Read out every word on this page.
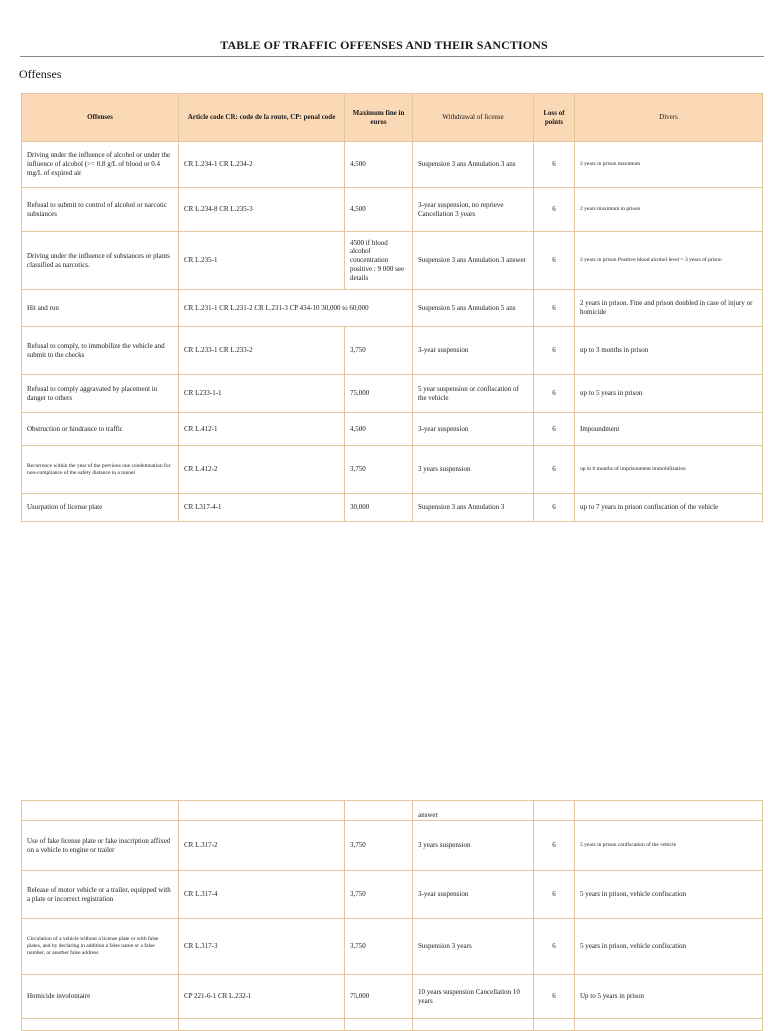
TABLE OF TRAFFIC OFFENSES AND THEIR SANCTIONS
Offenses
Offenses	Article code CR: code de la route, CP: penal code	Maximum fine in euros	Withdrawal of license	Loss of points	Divers
Driving under the influence of alcohol or under the influence of alcohol (>= 0.8 g/L of blood or 0.4 mg/L of expired air	CR L.234-1 CR L.234-2	4,500	Suspension 3 ans Annulation 3 ans	6	2 years in prison maximum
Refusal to submit to control of alcohol or narcotic substances	CR L.234-8 CR L.235-3	4,500	3-year suspension, no reprieve Cancellation 3 years	6	2 years maximum in prison
Driving under the influence of substances or plants classified as narcotics.	CR L.235-1	4500 if blood alcohol concentration positive : 9 000 see details	Suspension 3 ans Annulation 3 answer	6	2 years in prison Positive blood alcohol level = 3 years of prison
Hit and run	CR L.231-1 CR L.231-2 CR L.231-3 CP 434-10 30,000 to 60,000		Suspension 5 ans Annulation 5 ans	6	2 years in prison. Fine and prison doubled in case of injury or homicide
Refusal to comply, to immobilize the vehicle and submit to the checks	CR L.233-1 CR L.233-2	3,750	3-year suspension	6	up to 3 months in prison
Refusal to comply aggravated by placement in danger to others	CR L233-1-1	75,000	5 year suspension or confiscation of the vehicle	6	up to 5 years in prison
Obstruction or hindrance to traffic	CR L.412-1	4,500	3-year suspension	6	Impoundment
Recurrence within the year of the previous one condemnation for non-compliance of the safety distance in a tunnel	CR L.412-2	3,750	3 years suspension	6	up to 6 months of imprisonment immobilization
Usurpation of license plate	CR L317-4-1	30,000	Suspension 3 ans Annulation 3	6	up to 7 years in prison confiscation of the vehicle
			answer		
Use of fake license plate or fake inscription affixed on a vehicle to engine or trailer	CR L.317-2	3,750	3 years suspension	6	5 years in prison confiscation of the vehicle
Release of motor vehicle or a trailer, equipped with a plate or incorrect registration	CR L.317-4	3,750	3-year suspension	6	5 years in prison, vehicle confiscation
Circulation of a vehicle without a license plate or with false plates, and by declaring in addition a false name or a false number, or another false address	CR L.317-3	3,750	Suspension 3 years	6	5 years in prison, vehicle confiscation
Homicide involontaire	CP 221-6-1 CR L.232-1	75,000	10 years suspension Cancellation 10 years	6	Up to 5 years in prison
